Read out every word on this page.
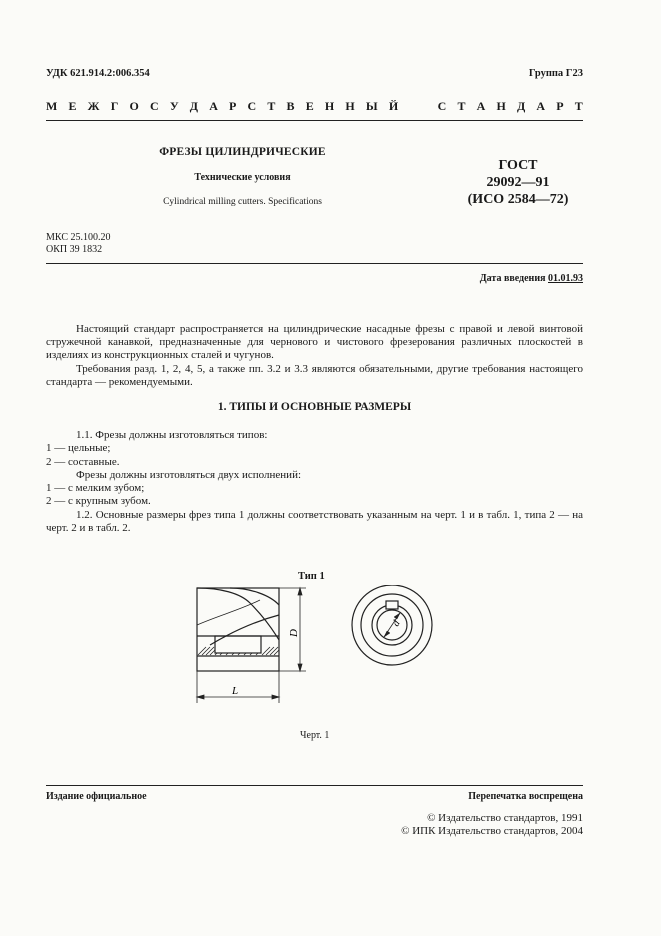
УДК 621.914.2:006.354	Группа Г23
М Е Ж Г О С У Д А Р С Т В Е Н Н Ы Й

	С Т А Н Д А Р Т
ФРЕЗЫ ЦИЛИНДРИЧЕСКИЕ
Технические условия
Cylindrical milling cutters. Specifications
ГОСТ
29092—91
(ИСО 2584—72)
МКС 25.100.20
ОКП 39 1832
Дата введения 01.01.93

Настоящий стандарт распространяется на цилиндрические насадные фрезы с правой и левой винтовой стружечной канавкой, предназначенные для чернового и чистового фрезерования различных плоскостей в изделиях из конструкционных сталей и чугунов.

Требования разд. 1, 2, 4, 5, а также пп. 3.2 и 3.3 являются обязательными, другие требования настоящего стандарта — рекомендуемыми.

1. ТИПЫ И ОСНОВНЫЕ РАЗМЕРЫ
1.1. Фрезы должны изготовляться типов:
1 — цельные;
2 — составные.
Фрезы должны изготовляться двух исполнений:
1 — с мелким зубом;
2 — с крупным зубом.
1.2. Основные размеры фрез типа 1 должны соответствовать указанным на черт. 1 и в табл. 1, типа 2 — на черт. 2 и в табл. 2.
Тип 1
D
L
d
Черт. 1
Издание официальное	Перепечатка воспрещена
© Издательство стандартов, 1991
© ИПК Издательство стандартов, 2004
